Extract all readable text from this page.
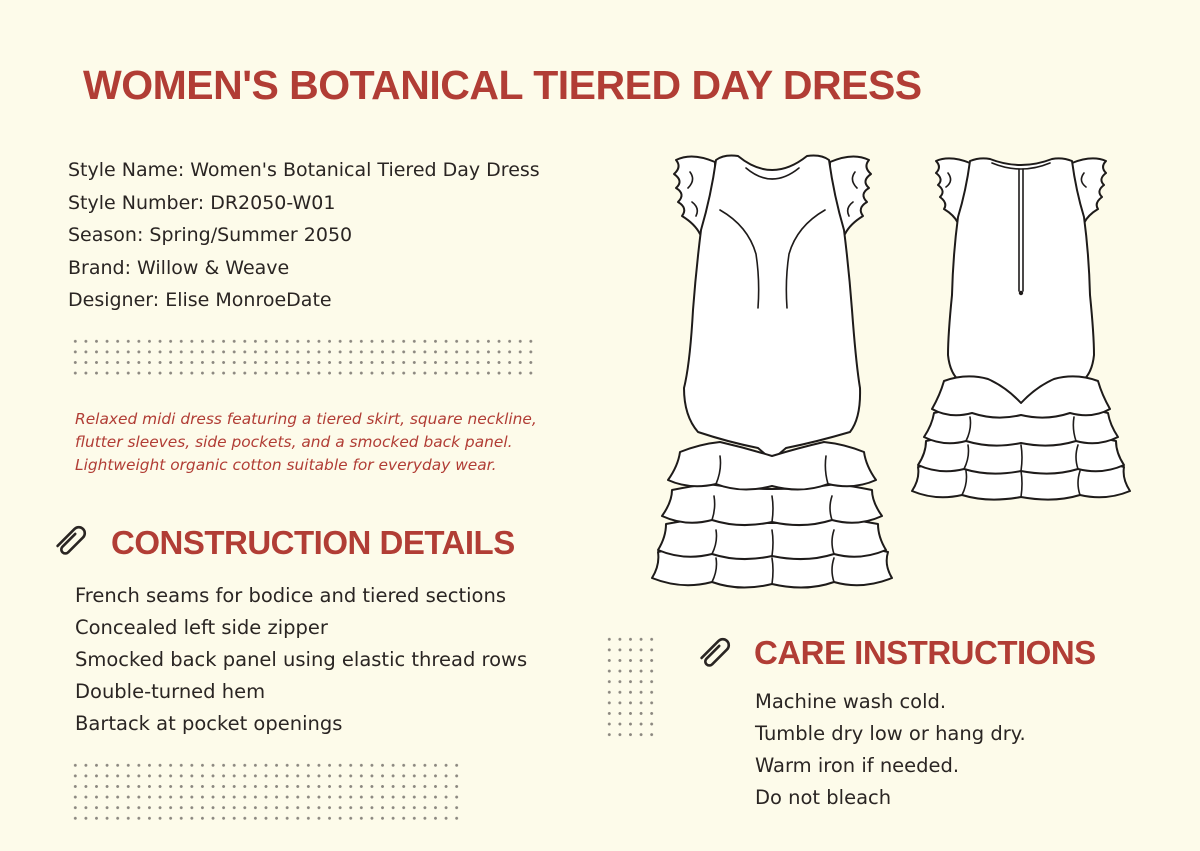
WOMEN'S BOTANICAL TIERED DAY DRESS
Style Name: Women's Botanical Tiered Day Dress
Style Number: DR2050-W01
Season: Spring/Summer 2050
Brand: Willow & Weave
Designer: Elise MonroeDate
Relaxed midi dress featuring a tiered skirt, square neckline,
flutter sleeves, side pockets, and a smocked back panel.
Lightweight organic cotton suitable for everyday wear.
CONSTRUCTION DETAILS
French seams for bodice and tiered sections
Concealed left side zipper
Smocked back panel using elastic thread rows
Double-turned hem
Bartack at pocket openings
CARE INSTRUCTIONS
Machine wash cold.
Tumble dry low or hang dry.
Warm iron if needed.
Do not bleach
